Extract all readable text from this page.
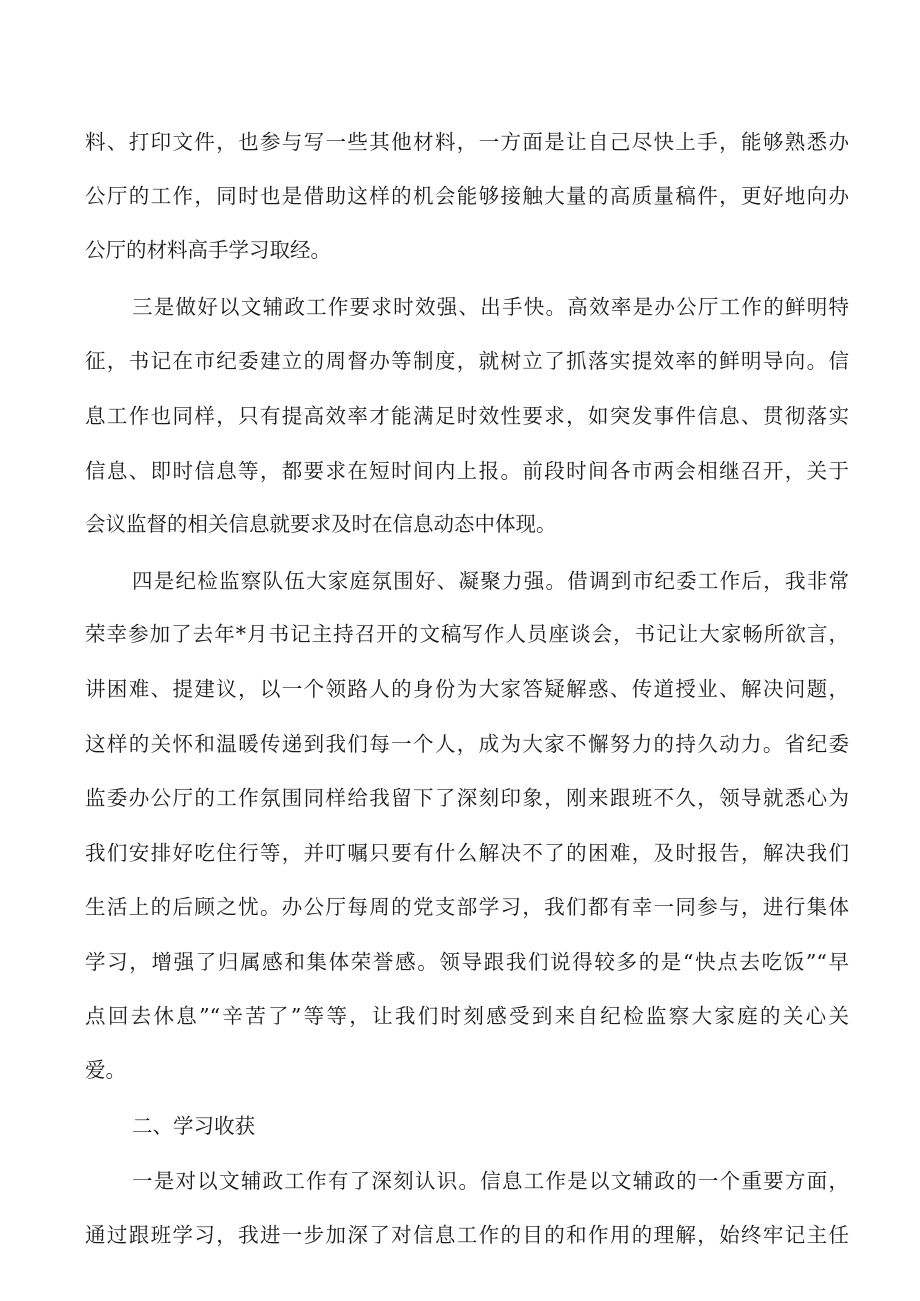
料、打印文件，也参与写一些其他材料，一方面是让自己尽快上手，能够熟悉办
公厅的工作，同时也是借助这样的机会能够接触大量的高质量稿件，更好地向办
公厅的材料高手学习取经。
三是做好以文辅政工作要求时效强、出手快。高效率是办公厅工作的鲜明特
征，书记在市纪委建立的周督办等制度，就树立了抓落实提效率的鲜明导向。信
息工作也同样，只有提高效率才能满足时效性要求，如突发事件信息、贯彻落实
信息、即时信息等，都要求在短时间内上报。前段时间各市两会相继召开，关于
会议监督的相关信息就要求及时在信息动态中体现。
四是纪检监察队伍大家庭氛围好、凝聚力强。借调到市纪委工作后，我非常
荣幸参加了去年*月书记主持召开的文稿写作人员座谈会，书记让大家畅所欲言，
讲困难、提建议，以一个领路人的身份为大家答疑解惑、传道授业、解决问题，
这样的关怀和温暖传递到我们每一个人，成为大家不懈努力的持久动力。省纪委
监委办公厅的工作氛围同样给我留下了深刻印象，刚来跟班不久，领导就悉心为
我们安排好吃住行等，并叮嘱只要有什么解决不了的困难，及时报告，解决我们
生活上的后顾之忧。办公厅每周的党支部学习，我们都有幸一同参与，进行集体
学习，增强了归属感和集体荣誉感。领导跟我们说得较多的是“快点去吃饭”“早
点回去休息”“辛苦了”等等，让我们时刻感受到来自纪检监察大家庭的关心关
爱。
二、学习收获
一是对以文辅政工作有了深刻认识。信息工作是以文辅政的一个重要方面，
通过跟班学习，我进一步加深了对信息工作的目的和作用的理解，始终牢记主任
